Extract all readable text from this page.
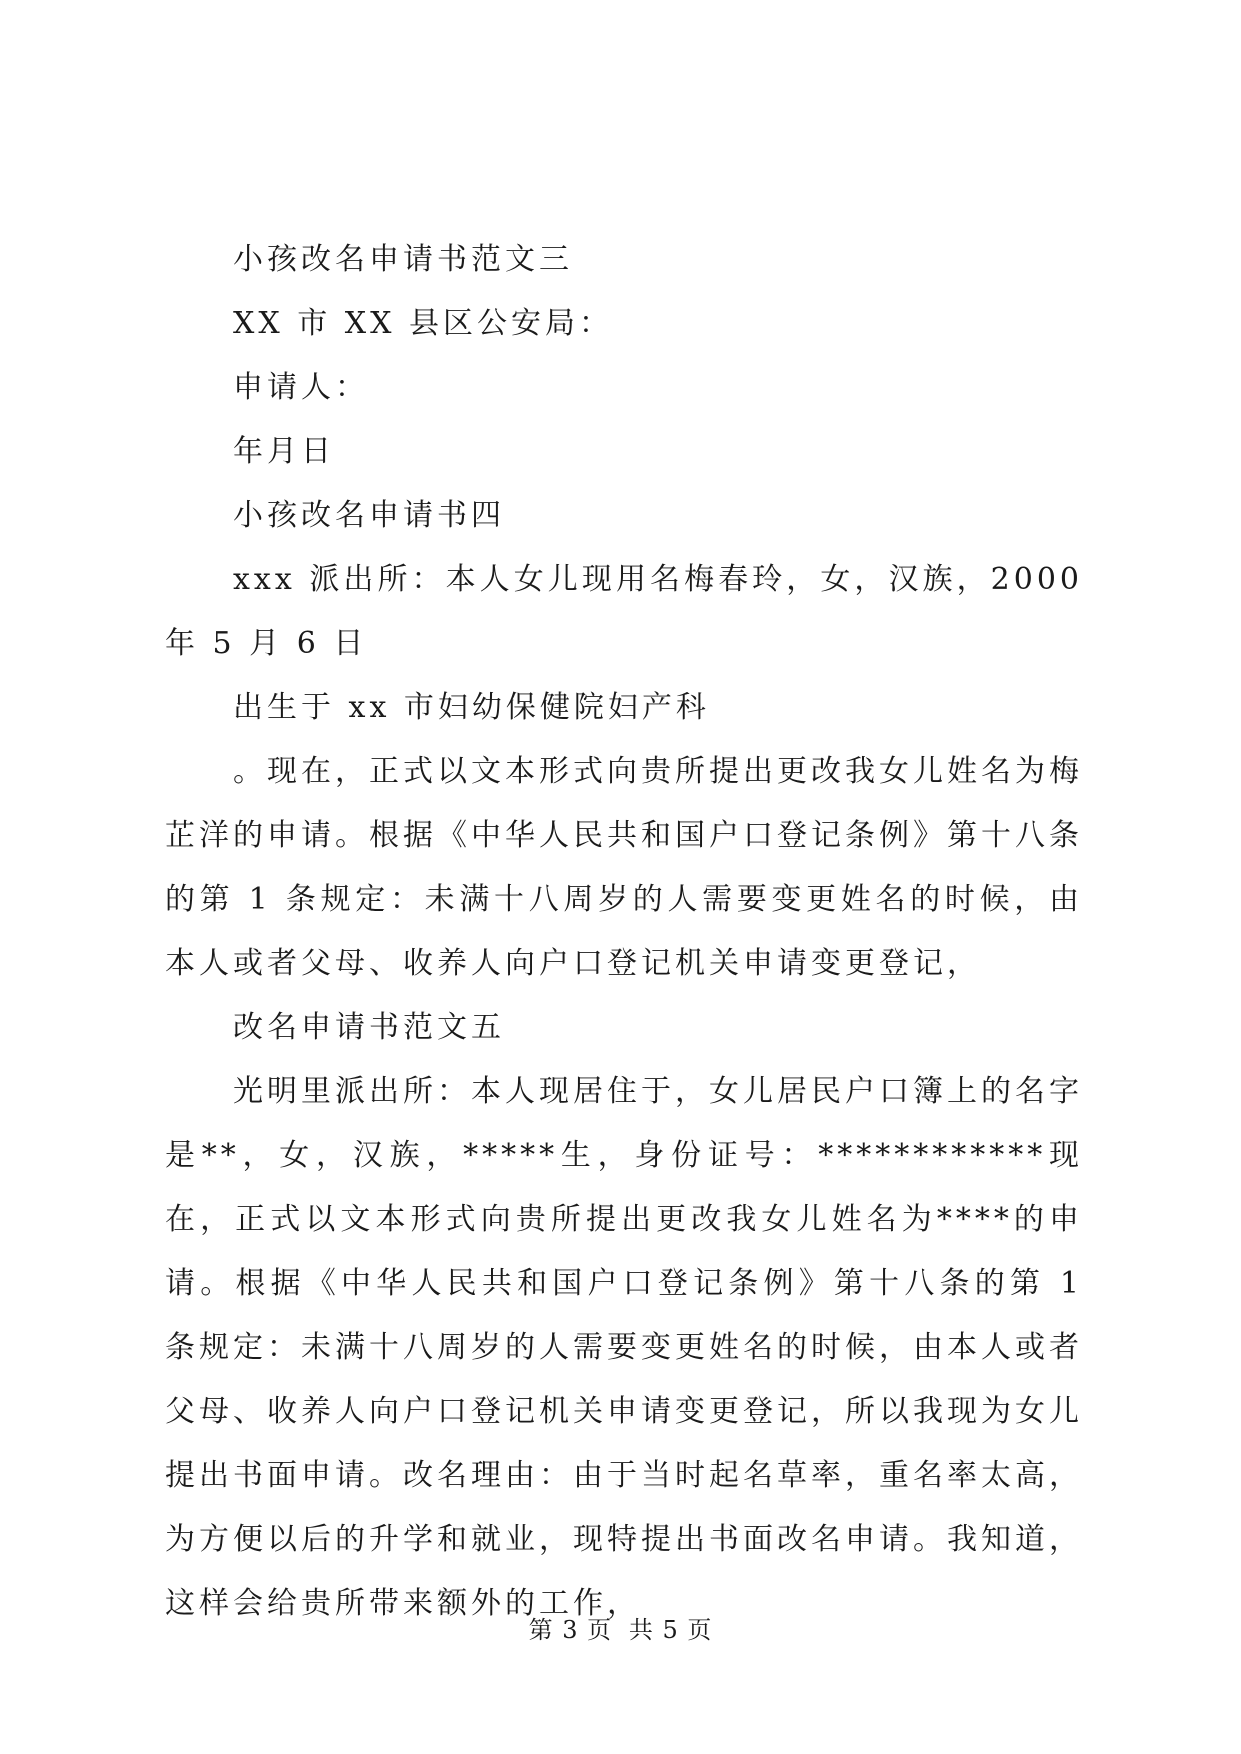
小孩改名申请书范文三

XX 市 XX 县区公安局：

申请人：

年月日

小孩改名申请书四

xxx 派出所：本人女儿现用名梅春玲，女，汉族，2000 年 5 月 6 日

出生于 xx 市妇幼保健院妇产科

。现在，正式以文本形式向贵所提出更改我女儿姓名为梅芷洋的申请。根据《中华人民共和国户口登记条例》第十八条的第 1 条规定：未满十八周岁的人需要变更姓名的时候，由本人或者父母、收养人向户口登记机关申请变更登记，

改名申请书范文五

光明里派出所：本人现居住于，女儿居民户口簿上的名字是**，女，汉族，*****生，身份证号：************现在，正式以文本形式向贵所提出更改我女儿姓名为****的申请。根据《中华人民共和国户口登记条例》第十八条的第 1 条规定：未满十八周岁的人需要变更姓名的时候，由本人或者父母、收养人向户口登记机关申请变更登记，所以我现为女儿提出书面申请。改名理由：由于当时起名草率，重名率太高，为方便以后的升学和就业，现特提出书面改名申请。我知道，这样会给贵所带来额外的工作，

第 3 页 共 5 页
